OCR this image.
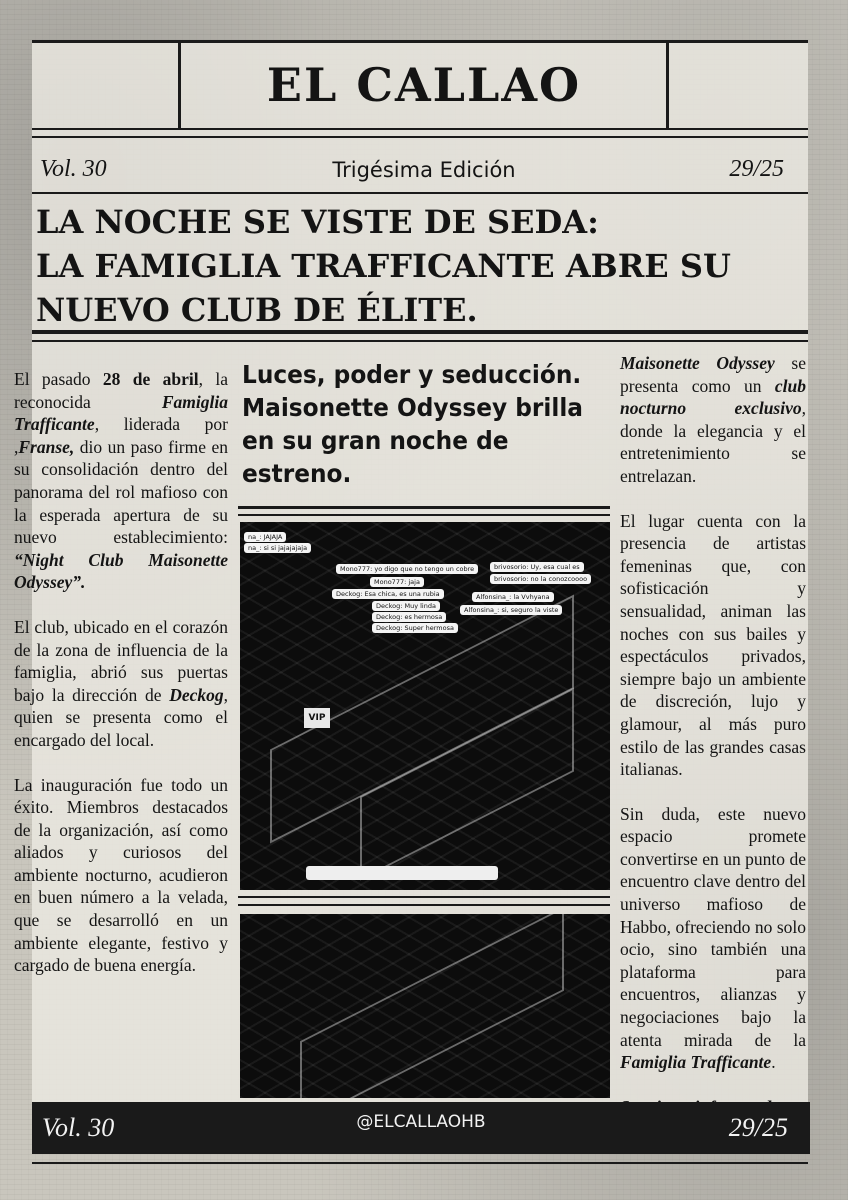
EL CALLAO
Vol. 30	Trigésima Edición	29/25
LA NOCHE SE VISTE DE SEDA:
LA FAMIGLIA TRAFFICANTE ABRE SU
NUEVO CLUB DE ÉLITE.

El pasado 28 de abril, la reconocida Famiglia Trafficante, liderada por ,Franse, dio un paso firme en su consolidación dentro del panorama del rol mafioso con la esperada apertura de su nuevo establecimiento: “Night Club Maisonette Odyssey”.

El club, ubicado en el corazón de la zona de influencia de la famiglia, abrió sus puertas bajo la dirección de Deckog, quien se presenta como el encargado del local.

La inauguración fue todo un éxito. Miembros destacados de la organización, así como aliados y curiosos del ambiente nocturno, acudieron en buen número a la velada, que se desarrolló en un ambiente elegante, festivo y cargado de buena energía.

Luces, poder y seducción. Maisonette Odyssey brilla en su gran noche de estreno.
VIP
na_: JAJAJA
na_: si si jajajajaja
Mono777: yo digo que no tengo un cobre
Mono777: jaja
Deckog: Esa chica, es una rubia
Deckog: Muy linda
Deckog: es hermosa
Deckog: Super hermosa
brivosorio: Uy, esa cual es
brivosorio: no la conozcoooo
Alfonsina_: la Vvhyana
Alfonsina_: si, seguro la viste

Maisonette Odyssey se presenta como un club nocturno exclusivo, donde la elegancia y el entretenimiento se entrelazan.

El lugar cuenta con la presencia de artistas femeninas que, con sofisticación y sensualidad, animan las noches con sus bailes y espectáculos privados, siempre bajo un ambiente de discreción, lujo y glamour, al más puro estilo de las grandes casas italianas.

Sin duda, este nuevo espacio promete convertirse en un punto de encuentro clave dentro del universo mafioso de Habbo, ofreciendo no solo ocio, sino también una plataforma para encuentros, alianzas y negociaciones bajo la atenta mirada de la Famiglia Trafficante.

Vol. 30	@ELCALLAOHB	29/25
